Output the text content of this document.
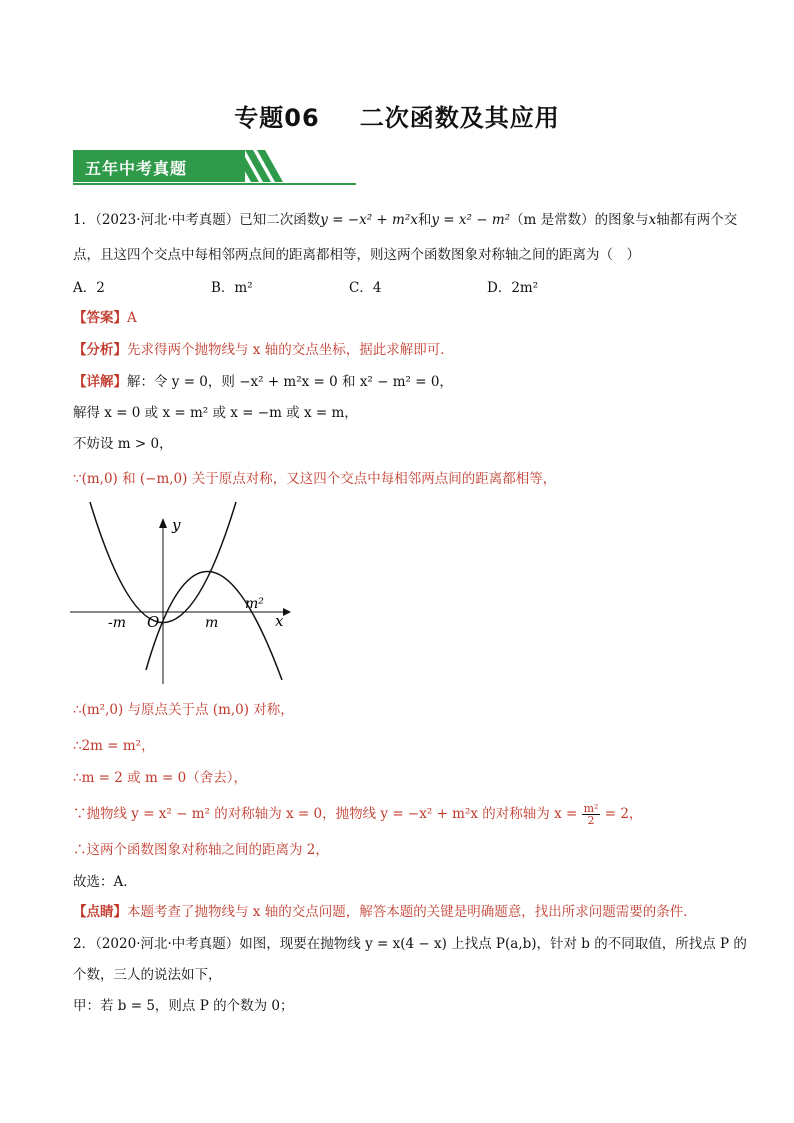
专题06 二次函数及其应用
五年中考真题
1．（2023·河北·中考真题）已知二次函数y = −x² + m²x和y = x² − m²（m 是常数）的图象与x轴都有两个交
点，且这四个交点中每相邻两点间的距离都相等，则这两个函数图象对称轴之间的距离为（　）
A．2	B．m²	C．4	D．2m²
【答案】A
【分析】先求得两个抛物线与 x 轴的交点坐标，据此求解即可．
【详解】解：令 y = 0，则 −x² + m²x = 0 和 x² − m² = 0，
解得 x = 0 或 x = m² 或 x = −m 或 x = m，
不妨设 m > 0，
∵(m,0) 和 (−m,0) 关于原点对称，又这四个交点中每相邻两点间的距离都相等，
y
x
O
-m	m
m²
∴(m²,0) 与原点关于点 (m,0) 对称，
∴2m = m²，
∴m = 2 或 m = 0（舍去），
∵抛物线 y = x² − m² 的对称轴为 x = 0，抛物线 y = −x² + m²x 的对称轴为 $x = \frac{\text{m²}}{2} = 2$，
∴这两个函数图象对称轴之间的距离为 2，
故选：A．
【点睛】本题考查了抛物线与 x 轴的交点问题，解答本题的关键是明确题意，找出所求问题需要的条件．
2．（2020·河北·中考真题）如图，现要在抛物线 y = x(4 − x) 上找点 P(a,b)，针对 b 的不同取值，所找点 P 的
个数，三人的说法如下，
甲：若 b = 5，则点 P 的个数为 0；
